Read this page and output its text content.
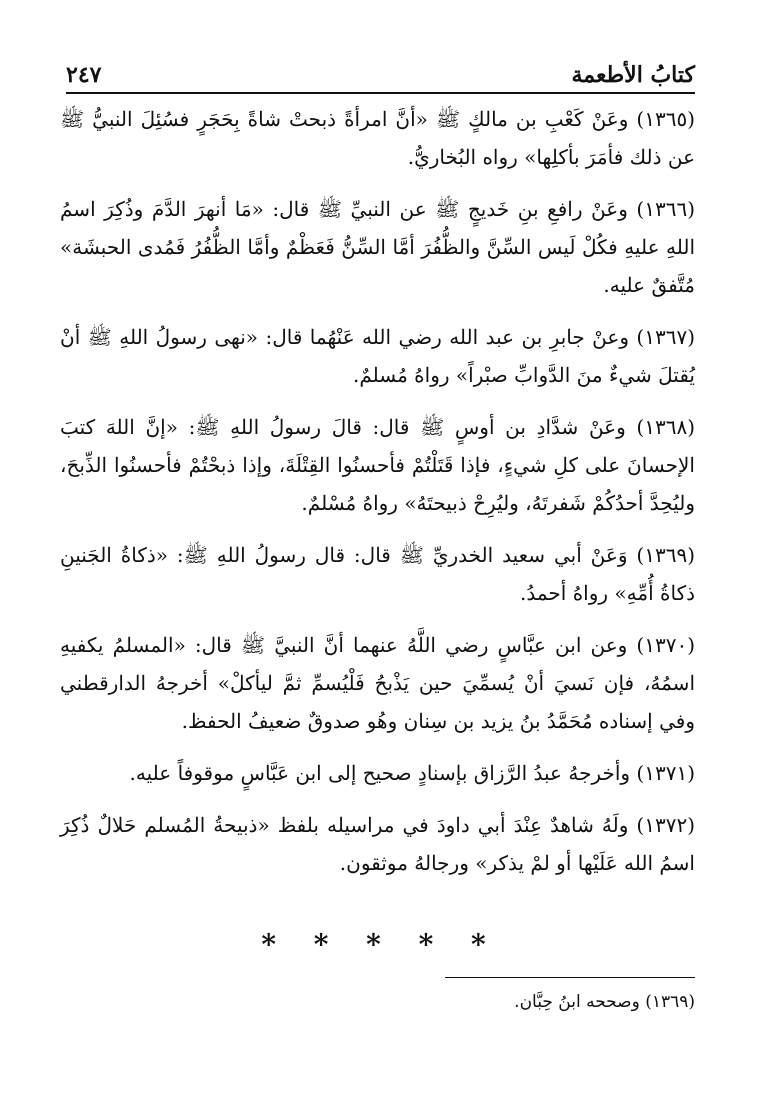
كتابُ الأطعمة
٢٤٧

(١٣٦٥) وعَنْ كَعْبِ بن مالكٍ ﷺ «أنَّ امرأةً ذبحتْ شاةً بِحَجَرٍ فسُئِلَ النبيُّ ﷺ عن ذلك فأمَرَ بأكلِها» رواه البُخاريُّ.

(١٣٦٦) وعَنْ رافعِ بنِ خَديجٍ ﷺ عن النبيِّ ﷺ قال: «مَا أنهرَ الدَّمَ وذُكِرَ اسمُ اللهِ عليهِ فكُلْ لَيس السِّنَّ والظُّفُرَ أمَّا السِّنُّ فَعَظْمٌ وأمَّا الظُّفُرُ فَمُدى الحبشَة» مُتَّفقٌ عليه.

(١٣٦٧) وعنْ جابرِ بن عبد الله رضي الله عَنْهُما قال: «نهى رسولُ اللهِ ﷺ أنْ يُقتلَ شيءٌ منَ الدَّوابِّ صبْراً» رواهُ مُسلمٌ.

(١٣٦٨) وعَنْ شدَّادِ بن أوسٍ ﷺ قال: قالَ رسولُ اللهِ ﷺ: «إنَّ اللهَ كتبَ الإحسانَ على كلِ شيءٍ، فإذا قَتَلْتُمْ فأحسنُوا القِتْلَةَ، وإذا ذبحْتُمْ فأحسنُوا الذِّبحَ، وليُحِدَّ أحدُكُمْ شَفرتَهُ، وليُرِحْ ذبيحتَهُ» رواهُ مُسْلمٌ.

(١٣٦٩) وَعَنْ أبي سعيد الخدريِّ ﷺ قال: قال رسولُ اللهِ ﷺ: «ذكاةُ الجَنينِ ذكاةُ أُمِّهِ» رواهُ أحمدُ.

(١٣٧٠) وعن ابن عبَّاسٍ رضي اللَّهُ عنهما أنَّ النبيَّ ﷺ قال: «المسلمُ يكفيهِ اسمُهُ، فإن نَسيَ أنْ يُسمِّيَ حين يَذْبحُ فَلْيُسمِّ ثمَّ ليأكلْ» أخرجهُ الدارقطني وفي إسناده مُحَمَّدُ بنُ يزيد بن سِنان وهُو صدوقٌ ضعيفُ الحفظ.

(١٣٧١) وأخرجهُ عبدُ الرَّزاق بإسنادٍ صحيح إلى ابن عَبَّاسٍ موقوفاً عليه.

(١٣٧٢) ولَهُ شاهدٌ عِنْدَ أبي داودَ في مراسيله بلفظ «ذبيحةُ المُسلم حَلالٌ ذُكِرَ اسمُ الله عَلَيْها أو لمْ يذكر» ورجالهُ موثقون.

* * * * *
(١٣٦٩) وصححه ابنُ حِبَّان.
